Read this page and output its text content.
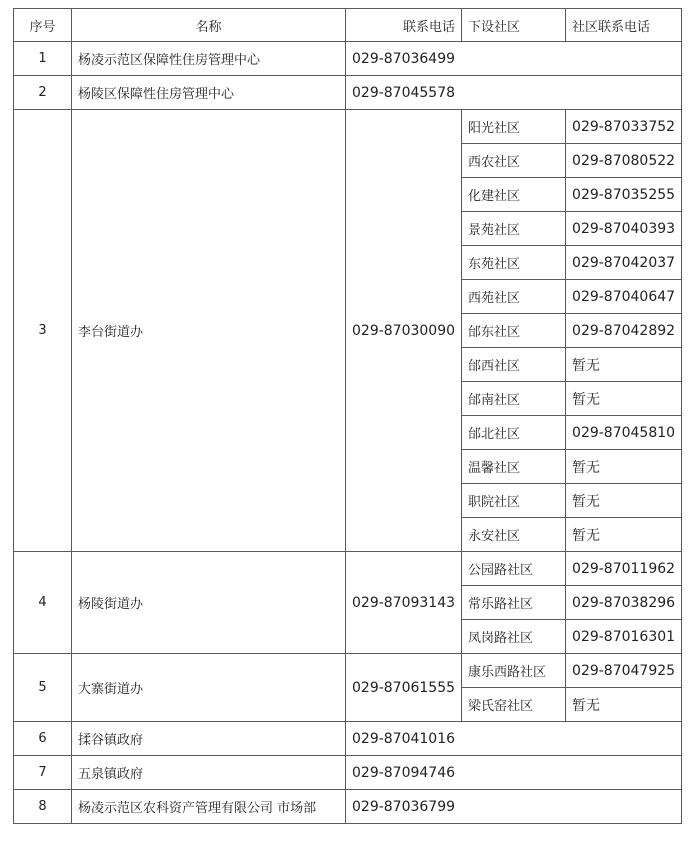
序号	名称	联系电话	下设社区	社区联系电话
1	杨凌示范区保障性住房管理中心	029-87036499		
2	杨陵区保障性住房管理中心	029-87045578		
3	李台街道办	029-87030090	阳光社区	029-87033752
			西农社区	029-87080522
			化建社区	029-87035255
			景苑社区	029-87040393
			东苑社区	029-87042037
			西苑社区	029-87040647
			邰东社区	029-87042892
			邰西社区	暂无
			邰南社区	暂无
			邰北社区	029-87045810
			温馨社区	暂无
			职院社区	暂无
			永安社区	暂无
4	杨陵街道办	029-87093143	公园路社区	029-87011962
			常乐路社区	029-87038296
			凤岗路社区	029-87016301
5	大寨街道办	029-87061555	康乐西路社区	029-87047925
			梁氏窑社区	暂无
6	揉谷镇政府	029-87041016		
7	五泉镇政府	029-87094746		
8	杨凌示范区农科资产管理有限公司 市场部	029-87036799		
